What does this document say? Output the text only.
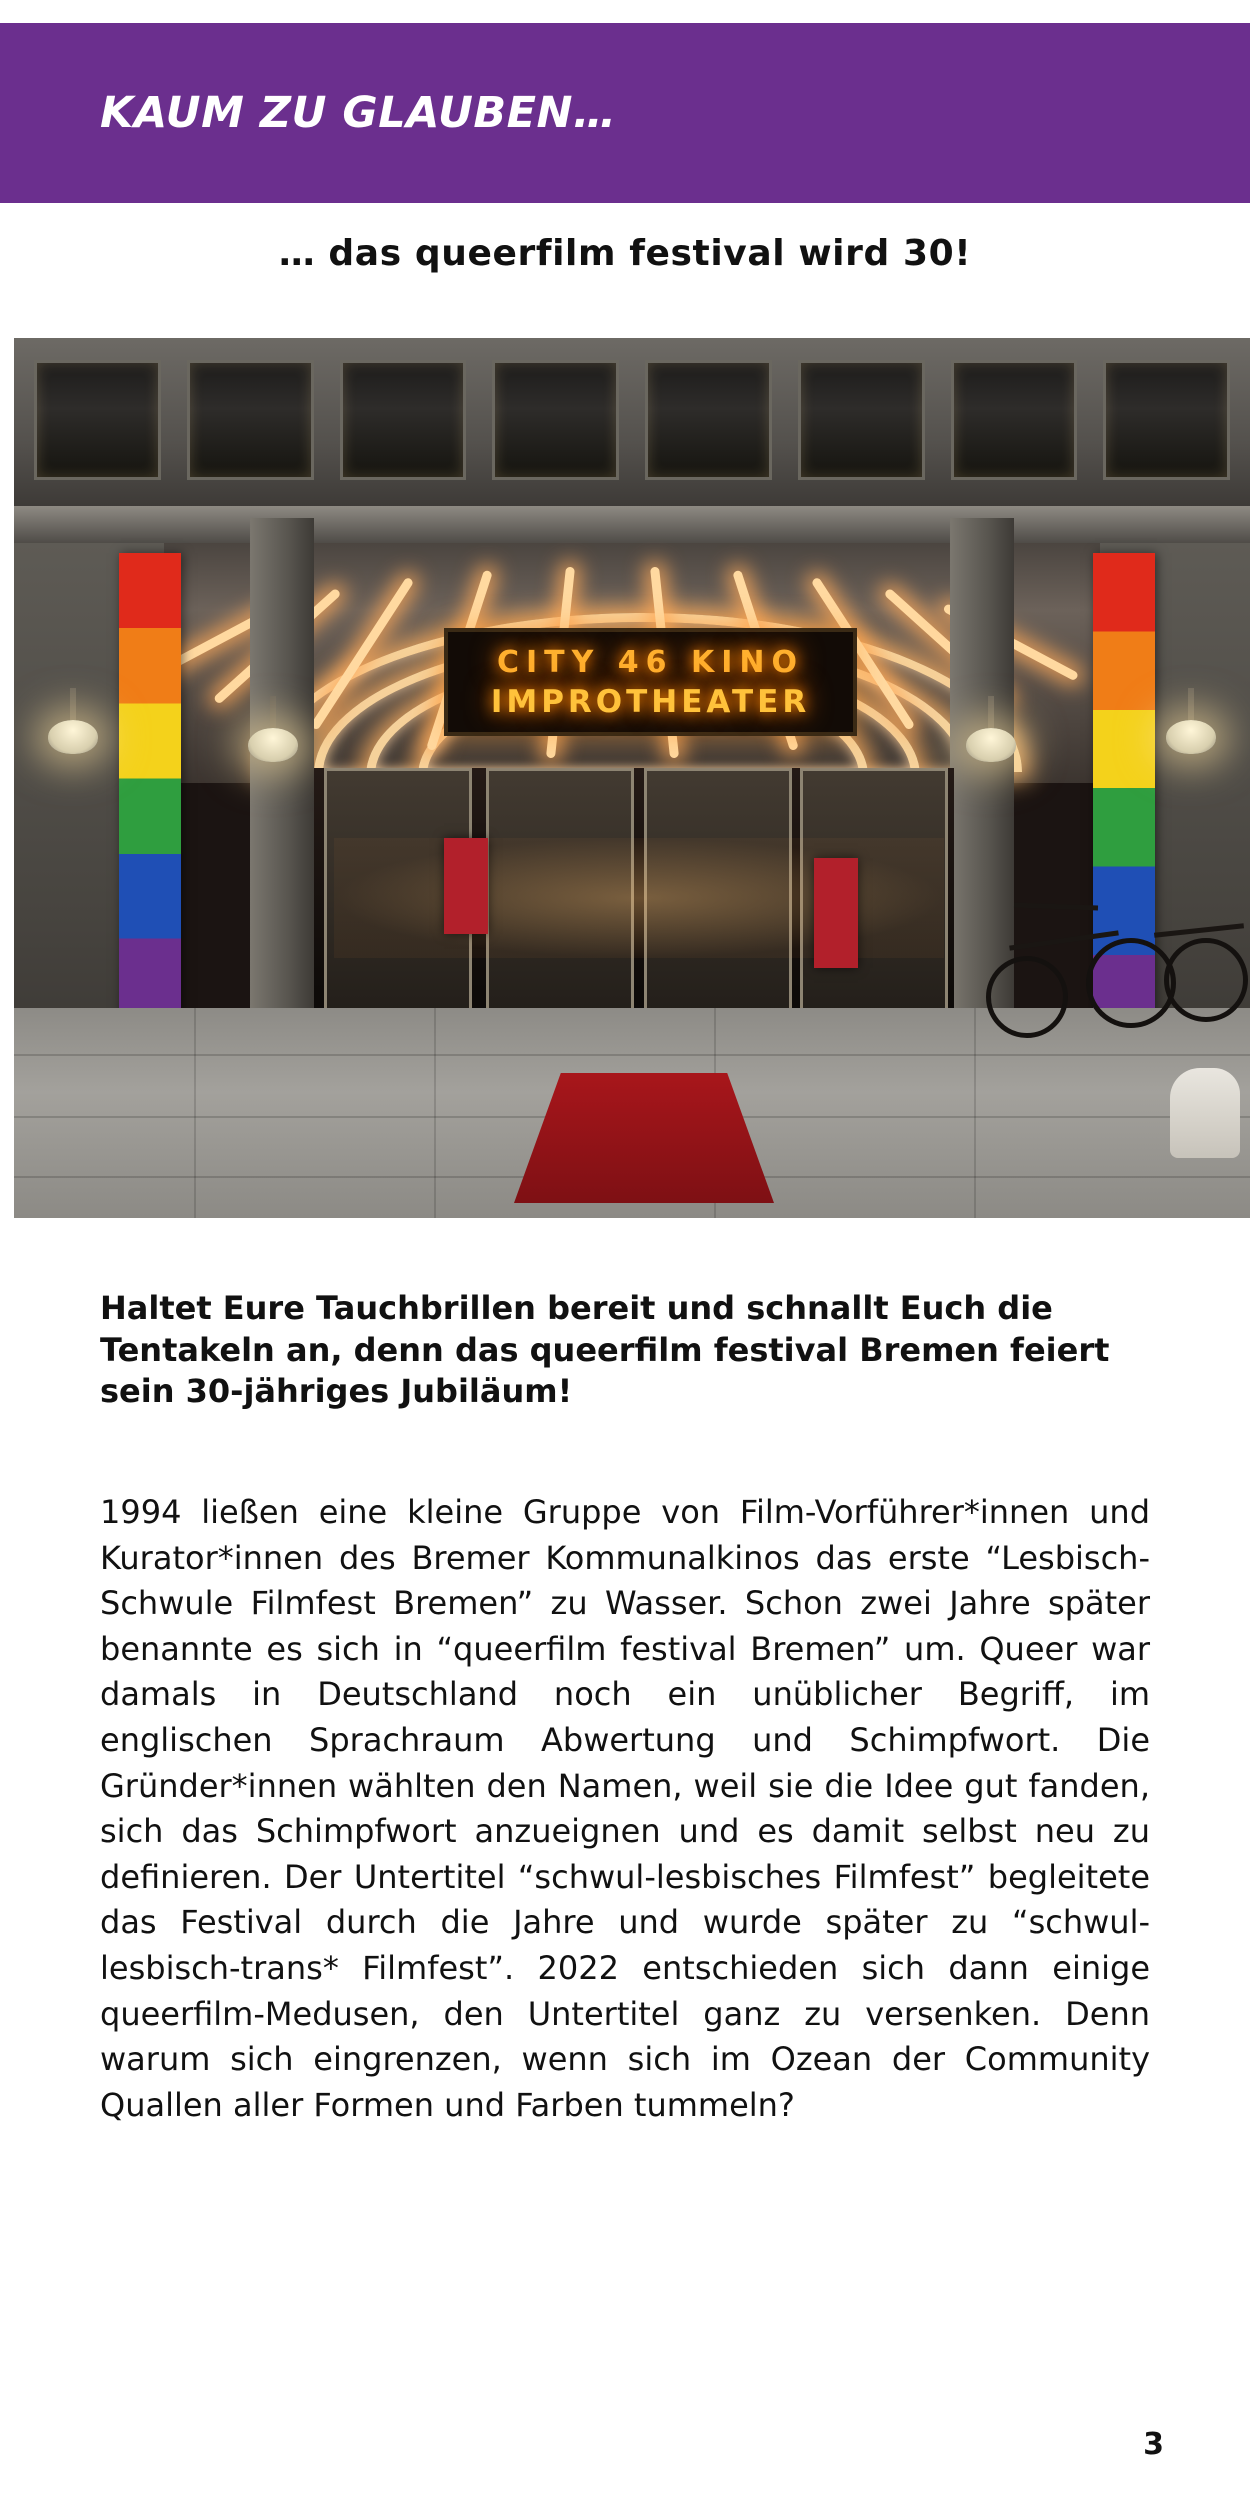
KAUM ZU GLAUBEN…
… das queerfilm festival wird 30!
CITY 46 KINO
IMPROTHEATER
Haltet Eure Tauchbrillen bereit und schnallt Euch die Tentakeln an, denn das queerfilm festival Bremen feiert sein 30-jähriges Jubiläum!

1994 ließen eine kleine Gruppe von Film-Vorführer*innen und Kurator*innen des Bremer Kommunalkinos das erste “Lesbisch-Schwule Filmfest Bremen” zu Wasser. Schon zwei Jahre später benannte es sich in “queerfilm festival Bremen” um. Queer war damals in Deutschland noch ein unüblicher Begriff, im englischen Sprachraum Abwertung und Schimpfwort. Die Gründer*innen wählten den Namen, weil sie die Idee gut fanden, sich das Schimpfwort anzueignen und es damit selbst neu zu definieren. Der Untertitel “schwul-lesbisches Filmfest” begleitete das Festival durch die Jahre und wurde später zu “schwul-lesbisch-trans* Filmfest”. 2022 entschieden sich dann einige queerfilm-Medusen, den Untertitel ganz zu versenken. Denn warum sich eingrenzen, wenn sich im Ozean der Community Quallen aller Formen und Farben tummeln?

3
